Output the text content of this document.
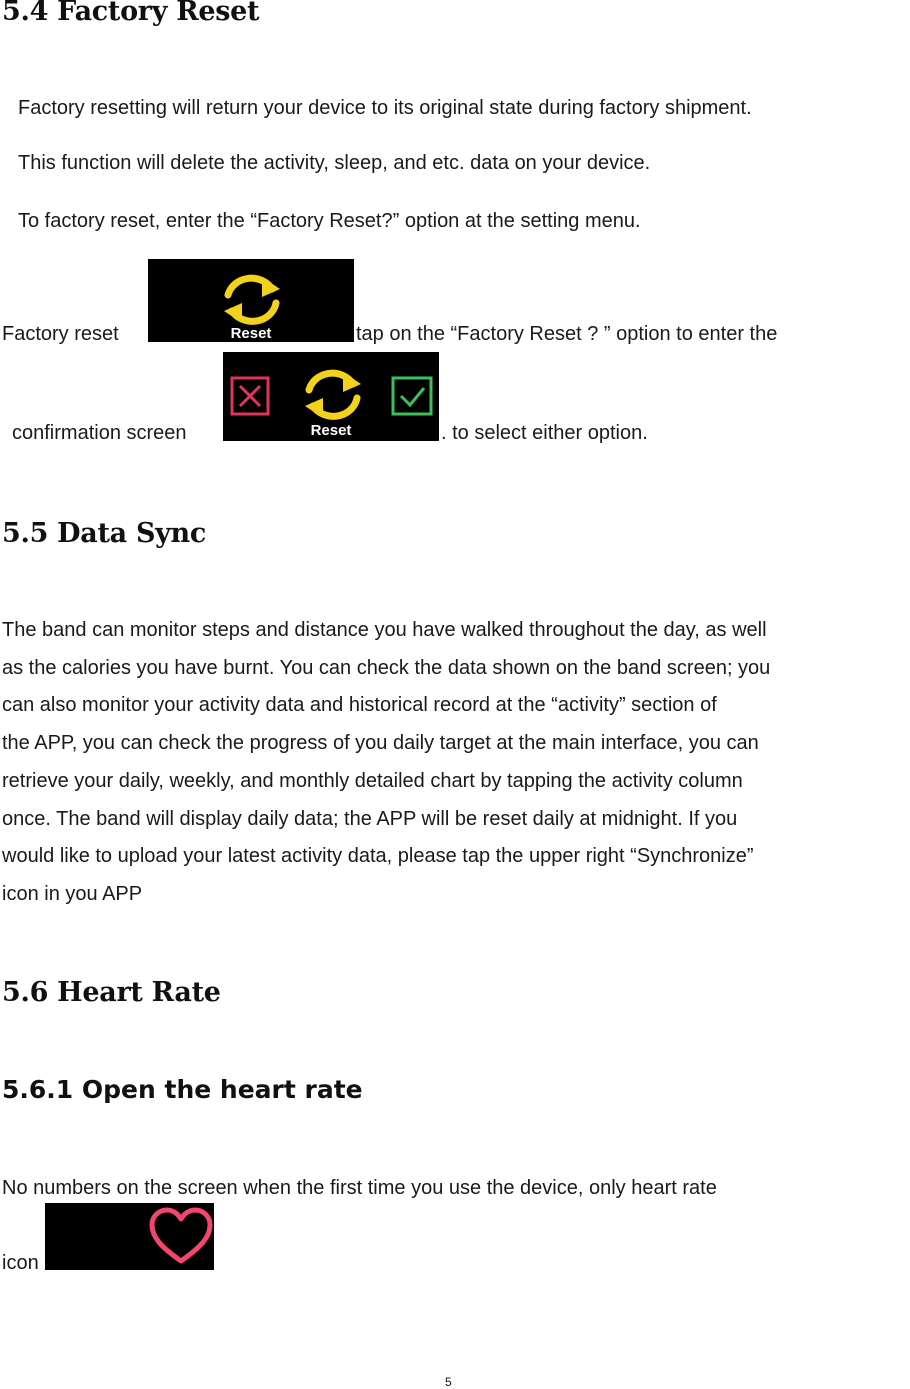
5.4 Factory Reset
Factory resetting will return your device to its original state during factory shipment.
This function will delete the activity, sleep, and etc. data on your device.
To factory reset, enter the “Factory Reset?” option at the setting menu.
Factory reset	Reset	tap on the “Factory Reset ? ” option to enter the
confirmation screen	Reset	. to select either option.
5.5 Data Sync
The band can monitor steps and distance you have walked throughout the day, as well
as the calories you have burnt. You can check the data shown on the band screen; you
can also monitor your activity data and historical record at the “activity” section of
the APP, you can check the progress of you daily target at the main interface, you can
retrieve your daily, weekly, and monthly detailed chart by tapping the activity column
once. The band will display daily data; the APP will be reset daily at midnight. If you
would like to upload your latest activity data, please tap the upper right “Synchronize”
icon in you APP
5.6 Heart Rate
5.6.1 Open the heart rate
No numbers on the screen when the first time you use the device, only heart rate
icon
5
